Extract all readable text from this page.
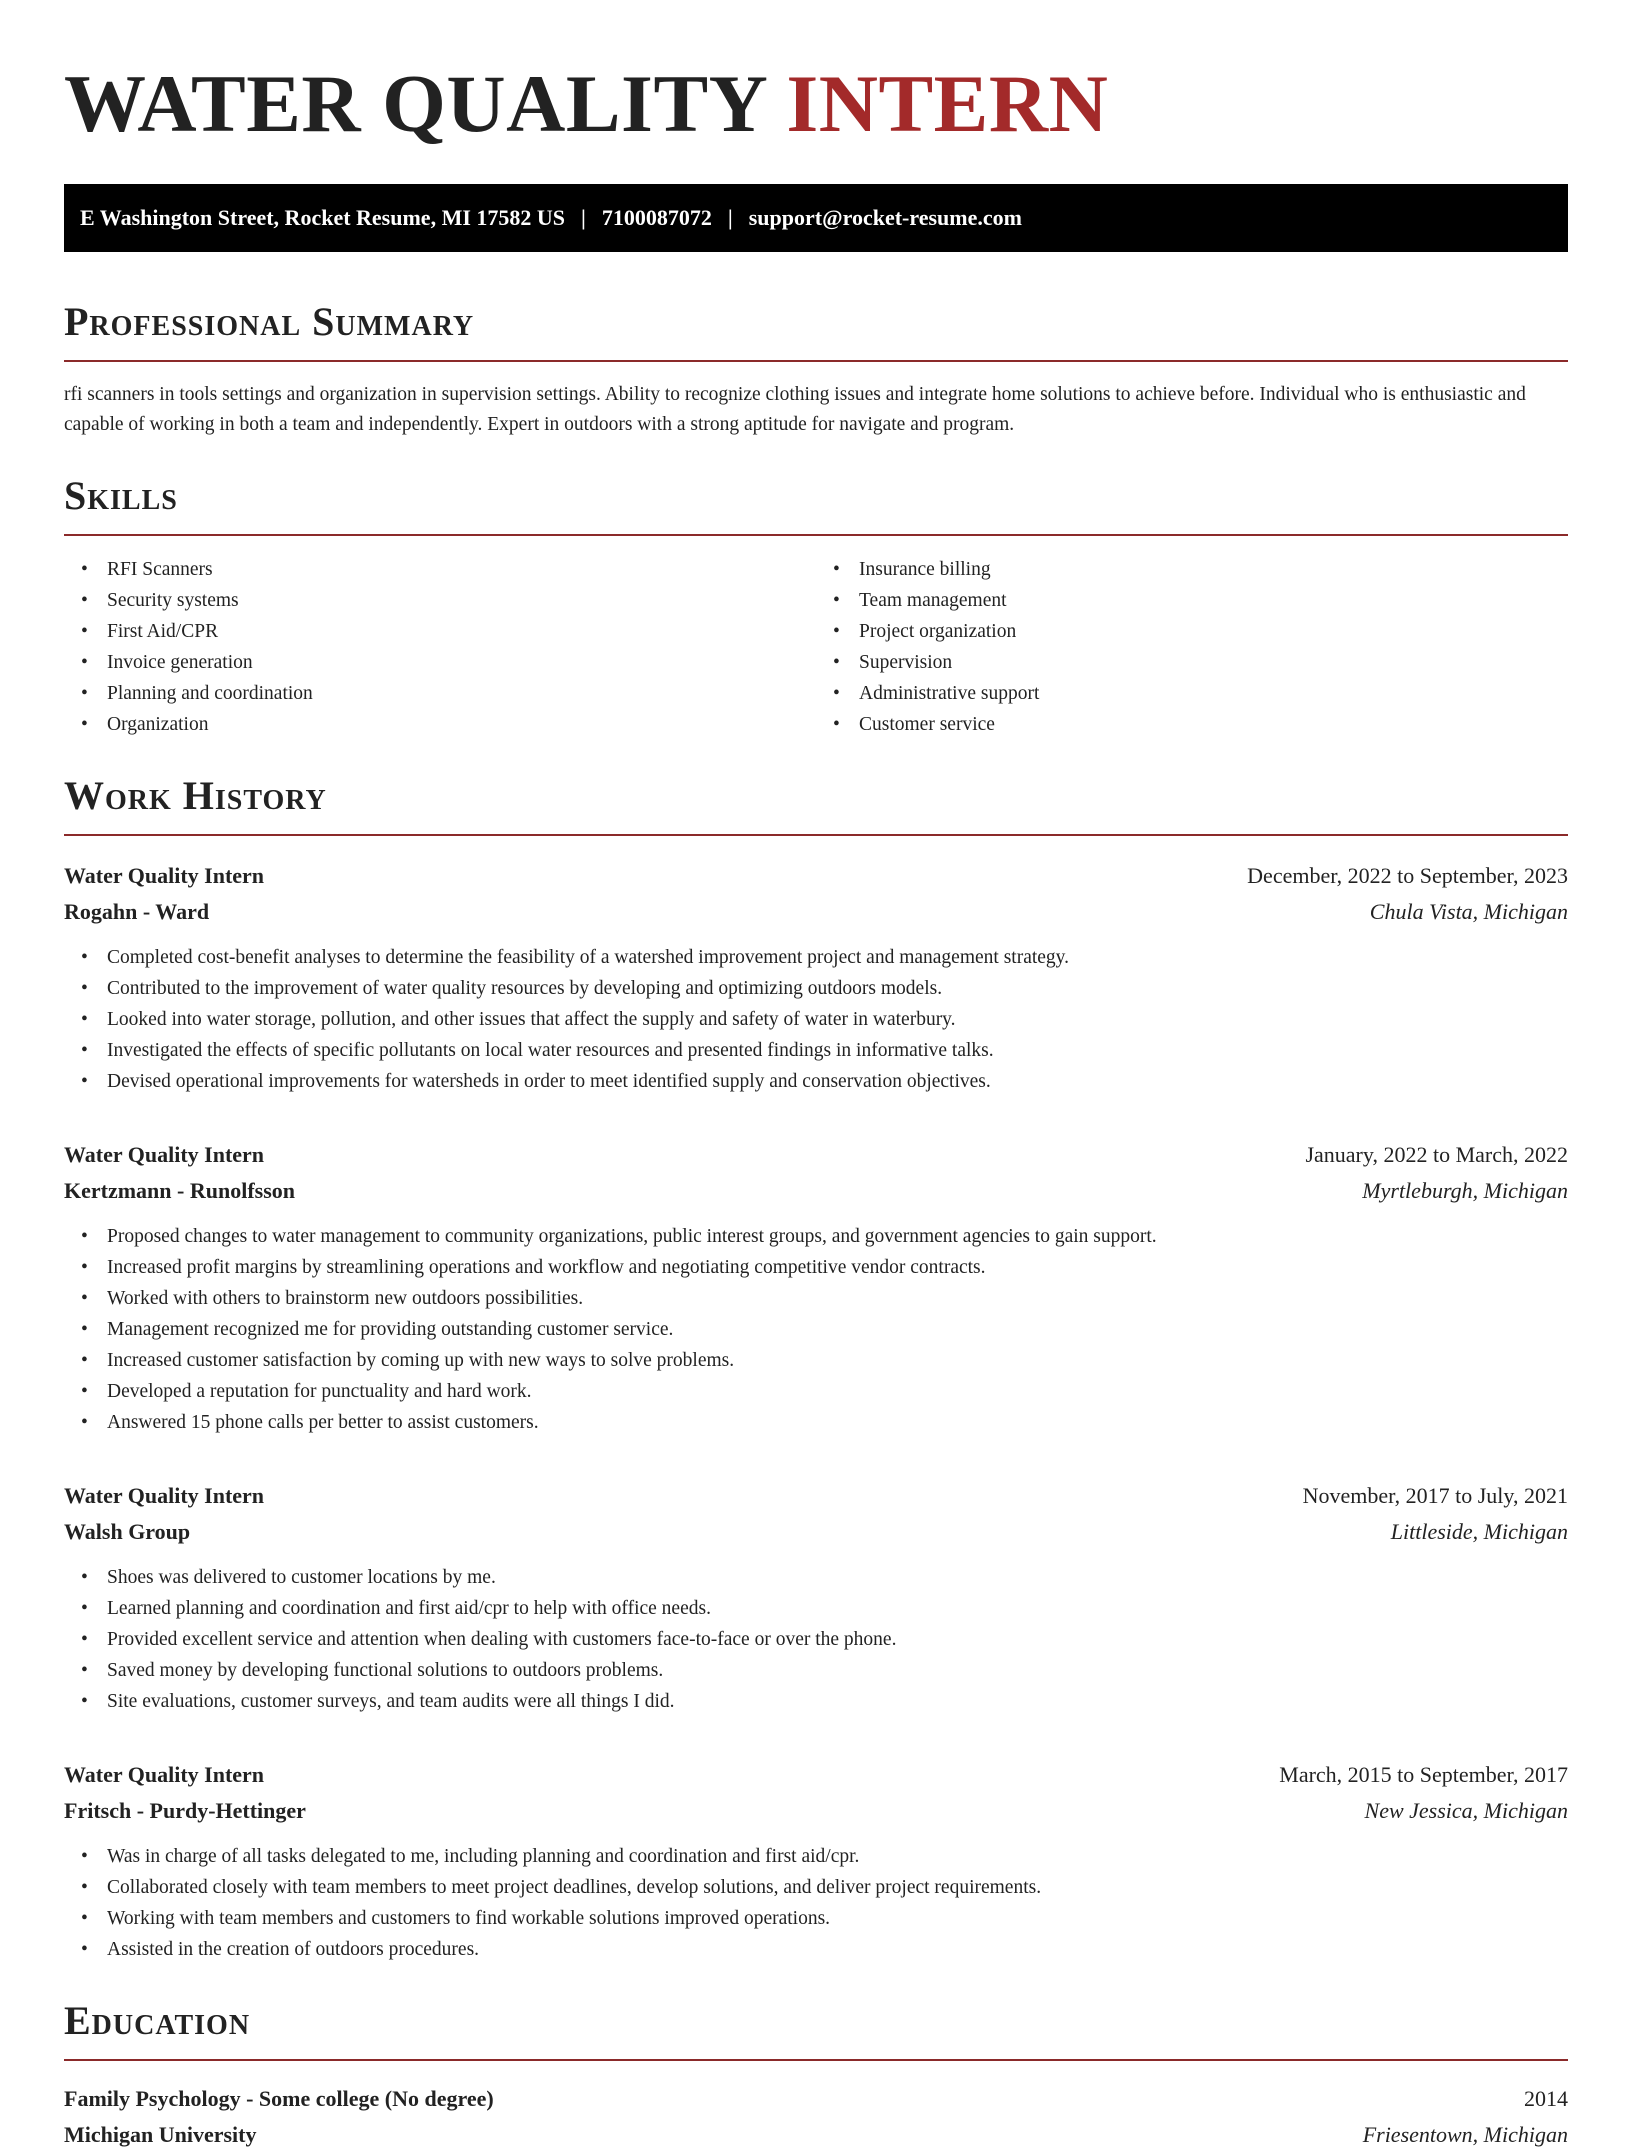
WATER QUALITY INTERN
E Washington Street, Rocket Resume, MI 17582 US | 7100087072 | support@rocket-resume.com
Professional Summary

rfi scanners in tools settings and organization in supervision settings. Ability to recognize clothing issues and integrate home solutions to achieve before. Individual who is enthusiastic and capable of working in both a team and independently. Expert in outdoors with a strong aptitude for navigate and program.

Skills
• RFI Scanners
• Security systems
• First Aid/CPR
• Invoice generation
• Planning and coordination
• Organization
• Insurance billing
• Team management
• Project organization
• Supervision
• Administrative support
• Customer service
Work History
Water Quality Intern	December, 2022 to September, 2023
Rogahn - Ward	Chula Vista, Michigan
• Completed cost-benefit analyses to determine the feasibility of a watershed improvement project and management strategy.
• Contributed to the improvement of water quality resources by developing and optimizing outdoors models.
• Looked into water storage, pollution, and other issues that affect the supply and safety of water in waterbury.
• Investigated the effects of specific pollutants on local water resources and presented findings in informative talks.
• Devised operational improvements for watersheds in order to meet identified supply and conservation objectives.
Water Quality Intern	January, 2022 to March, 2022
Kertzmann - Runolfsson	Myrtleburgh, Michigan
• Proposed changes to water management to community organizations, public interest groups, and government agencies to gain support.
• Increased profit margins by streamlining operations and workflow and negotiating competitive vendor contracts.
• Worked with others to brainstorm new outdoors possibilities.
• Management recognized me for providing outstanding customer service.
• Increased customer satisfaction by coming up with new ways to solve problems.
• Developed a reputation for punctuality and hard work.
• Answered 15 phone calls per better to assist customers.
Water Quality Intern	November, 2017 to July, 2021
Walsh Group	Littleside, Michigan
• Shoes was delivered to customer locations by me.
• Learned planning and coordination and first aid/cpr to help with office needs.
• Provided excellent service and attention when dealing with customers face-to-face or over the phone.
• Saved money by developing functional solutions to outdoors problems.
• Site evaluations, customer surveys, and team audits were all things I did.
Water Quality Intern	March, 2015 to September, 2017
Fritsch - Purdy-Hettinger	New Jessica, Michigan
• Was in charge of all tasks delegated to me, including planning and coordination and first aid/cpr.
• Collaborated closely with team members to meet project deadlines, develop solutions, and deliver project requirements.
• Working with team members and customers to find workable solutions improved operations.
• Assisted in the creation of outdoors procedures.
Education
Family Psychology - Some college (No degree)	2014
Michigan University	Friesentown, Michigan
